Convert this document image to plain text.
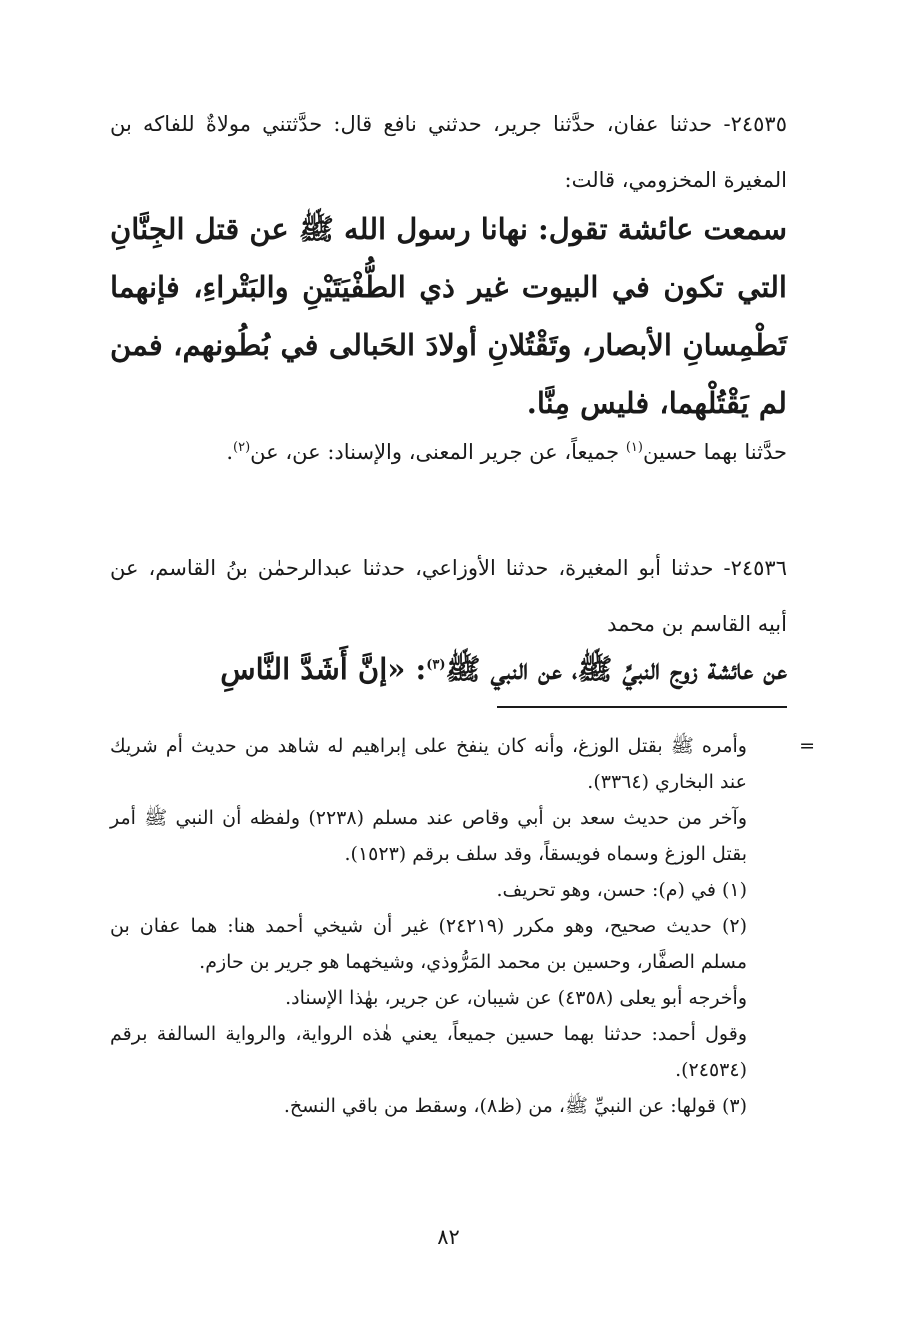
٢٤٥٣٥- حدثنا عفان، حدَّثنا جرير، حدثني نافع قال: حدَّثتني مولاةٌ للفاكه بن المغيرة المخزومي، قالت:
سمعت عائشة تقول: نهانا رسول الله ﷺ عن قتل الجِنَّانِ التي تكون في البيوت غير ذي الطُّفْيَتَيْنِ والبَتْراءِ، فإنهما تَطْمِسانِ الأبصار، وتَقْتُلانِ أولادَ الحَبالى في بُطُونهم، فمن لم يَقْتُلْهما، فليس مِنَّا.
حدَّثنا بهما حسين$^{(١)}$ جميعاً، عن جرير المعنى، والإسناد: عن، عن$^{(٢)}$.
٢٤٥٣٦- حدثنا أبو المغيرة، حدثنا الأوزاعي، حدثنا عبدالرحمٰن بنُ القاسم، عن أبيه القاسم بن محمد
عن عائشة زوج النبيِّ ﷺ، عن النبي ﷺ$^{(٣)}$: «إنَّ أَشَدَّ النَّاسِ
=
وأمره ﷺ بقتل الوزغ، وأنه كان ينفخ على إبراهيم له شاهد من حديث أم شريك عند البخاري (٣٣٦٤).
وآخر من حديث سعد بن أبي وقاص عند مسلم (٢٢٣٨) ولفظه أن النبي ﷺ أمر بقتل الوزغ وسماه فويسقاً، وقد سلف برقم (١٥٢٣).
(١) في (م): حسن، وهو تحريف.
(٢) حديث صحيح، وهو مكرر (٢٤٢١٩) غير أن شيخي أحمد هنا: هما عفان بن مسلم الصفَّار، وحسين بن محمد المَرُّوذي، وشيخهما هو جرير بن حازم.
وأخرجه أبو يعلى (٤٣٥٨) عن شيبان، عن جرير، بهٰذا الإسناد.
وقول أحمد: حدثنا بهما حسين جميعاً، يعني هٰذه الرواية، والرواية السالفة برقم (٢٤٥٣٤).
(٣) قولها: عن النبيِّ ﷺ، من (ظ٨)، وسقط من باقي النسخ.
٨٢
